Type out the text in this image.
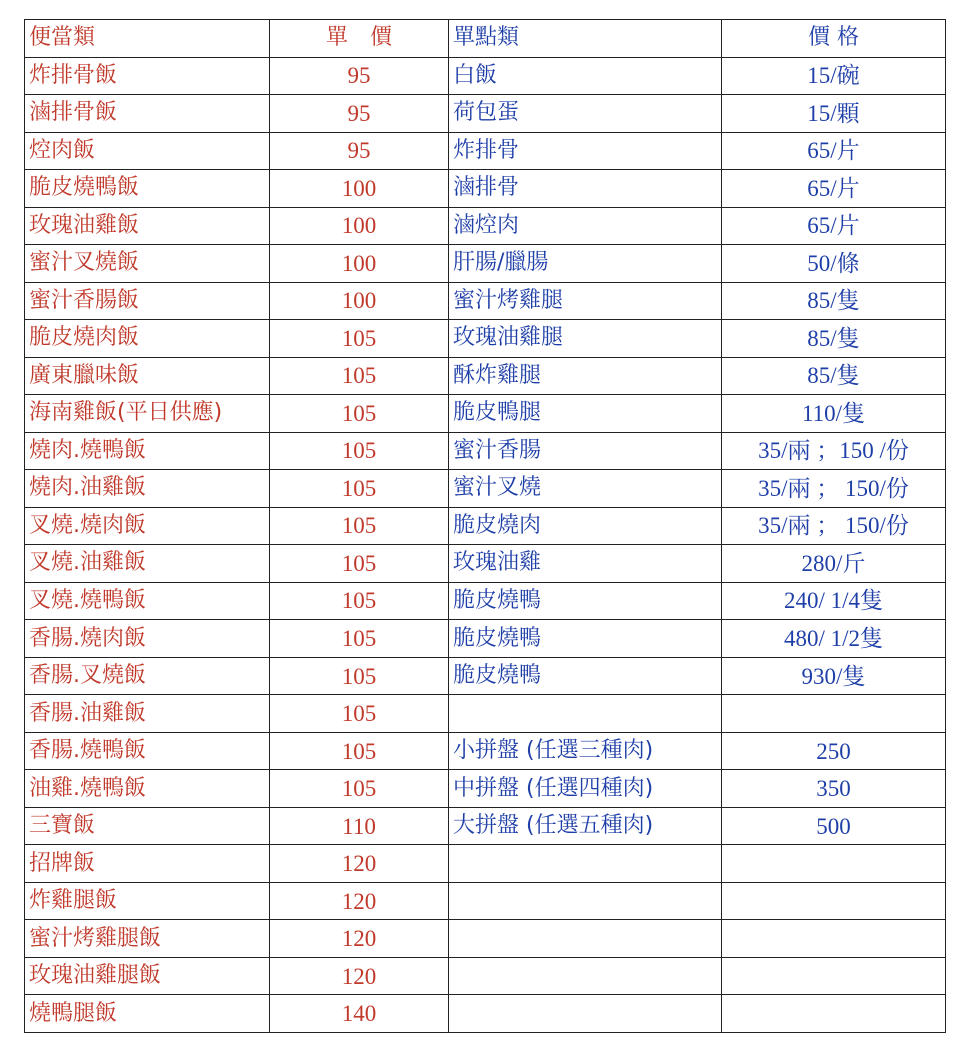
便當類	單　價	單點類	價 格
炸排骨飯	95	白飯	15/碗
滷排骨飯	95	荷包蛋	15/顆
焢肉飯	95	炸排骨	65/片
脆皮燒鴨飯	100	滷排骨	65/片
玫瑰油雞飯	100	滷焢肉	65/片
蜜汁叉燒飯	100	肝腸/臘腸	50/條
蜜汁香腸飯	100	蜜汁烤雞腿	85/隻
脆皮燒肉飯	105	玫瑰油雞腿	85/隻
廣東臘味飯	105	酥炸雞腿	85/隻
海南雞飯(平日供應)	105	脆皮鴨腿	110/隻
燒肉.燒鴨飯	105	蜜汁香腸	35/兩 ；150 /份
燒肉.油雞飯	105	蜜汁叉燒	35/兩 ； 150/份
叉燒.燒肉飯	105	脆皮燒肉	35/兩 ； 150/份
叉燒.油雞飯	105	玫瑰油雞	280/斤
叉燒.燒鴨飯	105	脆皮燒鴨	240/ 1/4隻
香腸.燒肉飯	105	脆皮燒鴨	480/ 1/2隻
香腸.叉燒飯	105	脆皮燒鴨	930/隻
香腸.油雞飯	105		
香腸.燒鴨飯	105	小拼盤 (任選三種肉)	250
油雞.燒鴨飯	105	中拼盤 (任選四種肉)	350
三寶飯	110	大拼盤 (任選五種肉)	500
招牌飯	120		
炸雞腿飯	120		
蜜汁烤雞腿飯	120		
玫瑰油雞腿飯	120		
燒鴨腿飯	140		
